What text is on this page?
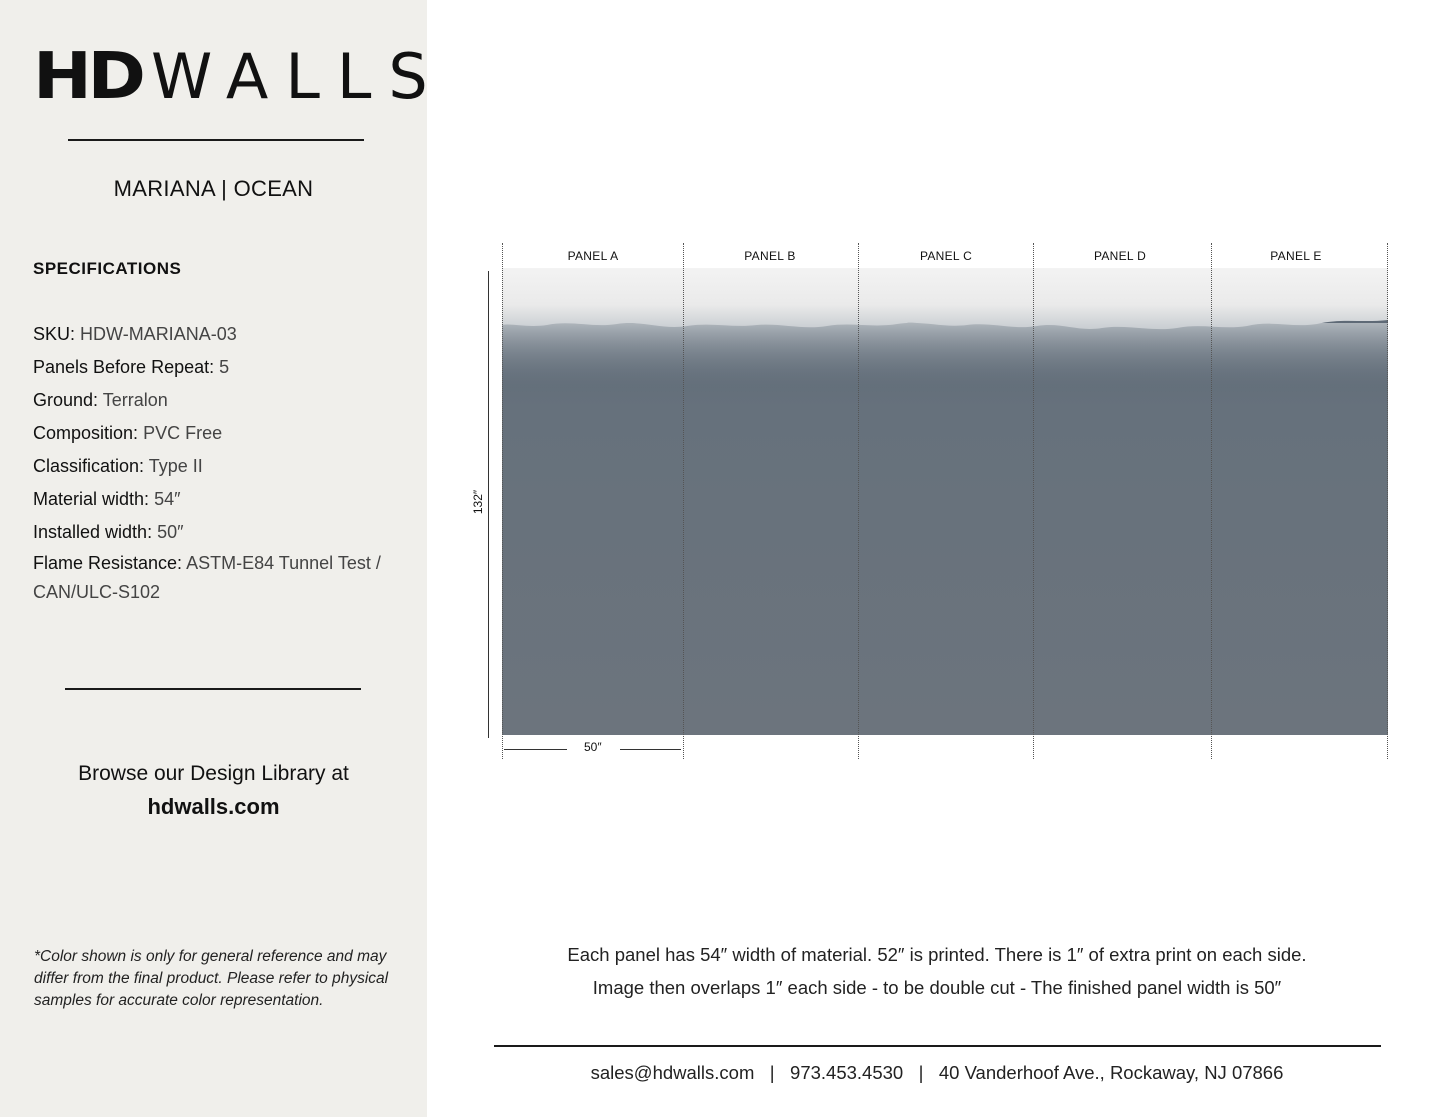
HD WALLS
MARIANA | OCEAN
SPECIFICATIONS
SKU: HDW-MARIANA-03
Panels Before Repeat: 5
Ground: Terralon
Composition: PVC Free
Classification: Type II
Material width: 54″
Installed width: 50″
Flame Resistance: ASTM-E84 Tunnel Test / CAN/ULC-S102
Browse our Design Library at
hdwalls.com
*Color shown is only for general reference and may differ from the final product. Please refer to physical samples for accurate color representation.
PANEL A	PANEL B	PANEL C	PANEL D	PANEL E
132″
50″
Each panel has 54″ width of material. 52″ is printed. There is 1″ of extra print on each side.
Image then overlaps 1″ each side - to be double cut - The finished panel width is 50″
sales@hdwalls.com | 973.453.4530 | 40 Vanderhoof Ave., Rockaway, NJ 07866
